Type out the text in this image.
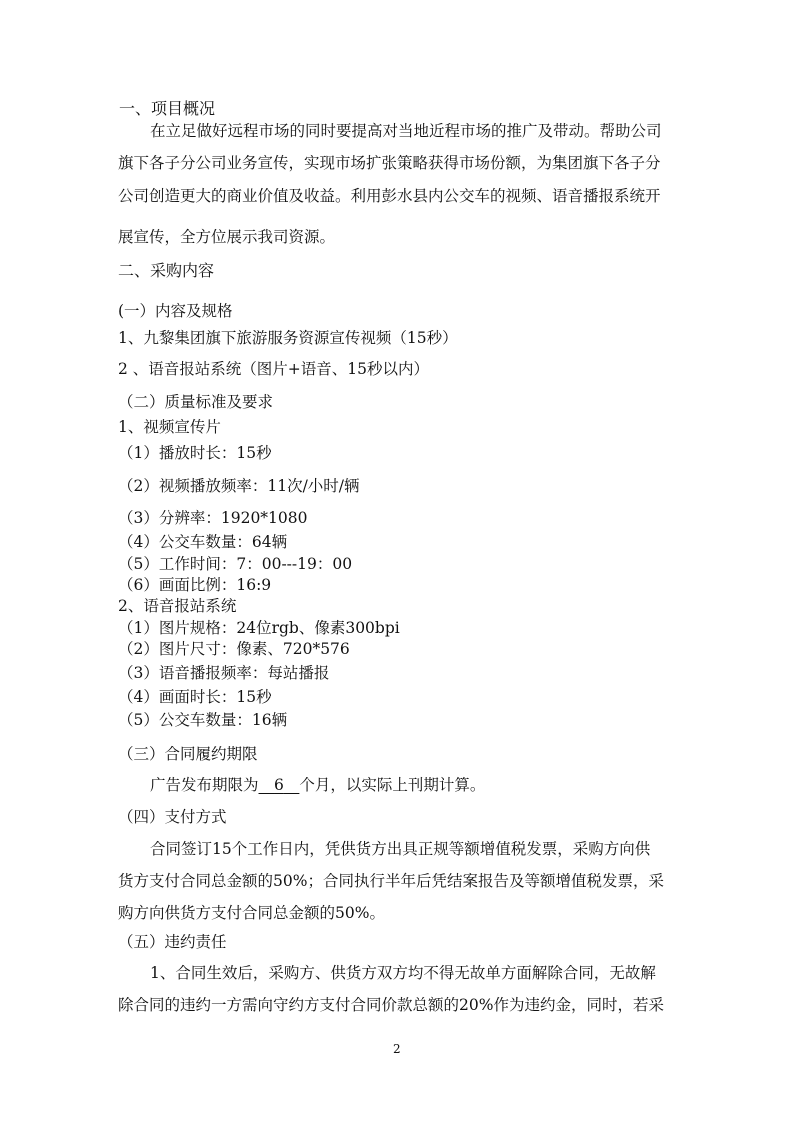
一、项目概况
在立足做好远程市场的同时要提高对当地近程市场的推广及带动。帮助公司
旗下各子分公司业务宣传，实现市场扩张策略获得市场份额，为集团旗下各子分
公司创造更大的商业价值及收益。利用彭水县内公交车的视频、语音播报系统开
展宣传，全方位展示我司资源。
二、采购内容
(一）内容及规格
1、九黎集团旗下旅游服务资源宣传视频（15秒）
2 、语音报站系统（图片+语音、15秒以内）
（二）质量标准及要求
1、视频宣传片
（1）播放时长：15秒
（2）视频播放频率：11次/小时/辆
（3）分辨率：1920*1080
（4）公交车数量：64辆
（5）工作时间：7：00---19：00
（6）画面比例：16:9
2、语音报站系统
（1）图片规格：24位rgb、像素300bpi
（2）图片尺寸：像素、720*576
（3）语音播报频率：每站播报
（4）画面时长：15秒
（5）公交车数量：16辆
（三）合同履约期限
广告发布期限为  6  个月，以实际上刊期计算。
（四）支付方式
合同签订15个工作日内，凭供货方出具正规等额增值税发票，采购方向供
货方支付合同总金额的50%；合同执行半年后凭结案报告及等额增值税发票，采
购方向供货方支付合同总金额的50%。
（五）违约责任
1、合同生效后，采购方、供货方双方均不得无故单方面解除合同，无故解
除合同的违约一方需向守约方支付合同价款总额的20%作为违约金，同时，若采
2
